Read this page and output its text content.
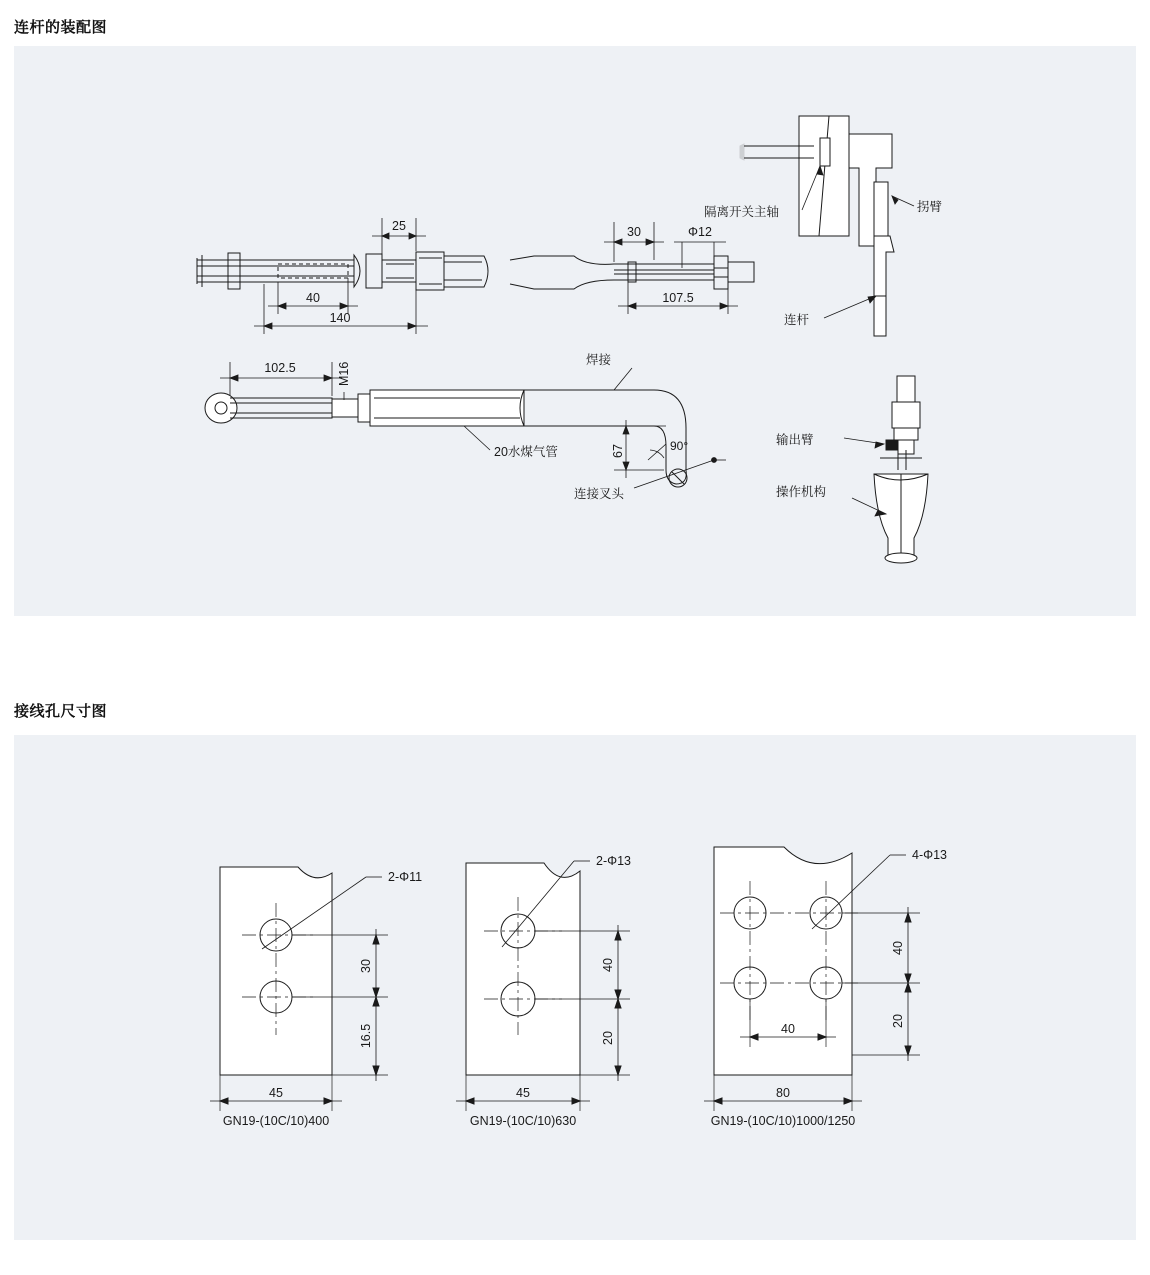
连杆的装配图
25
40
140
30	Φ12
107.5
隔离开关主轴	拐臂
连杆
102.5	M16
67	90°
焊接
20水煤气管
连接叉头
输出臂
操作机构
接线孔尺寸图
2-Φ11
30
16.5
45
GN19-(10C/10)400
2-Φ13
40
20
45
GN19-(10C/10)630
4-Φ13
40
20
40
80
GN19-(10C/10)1000/1250
